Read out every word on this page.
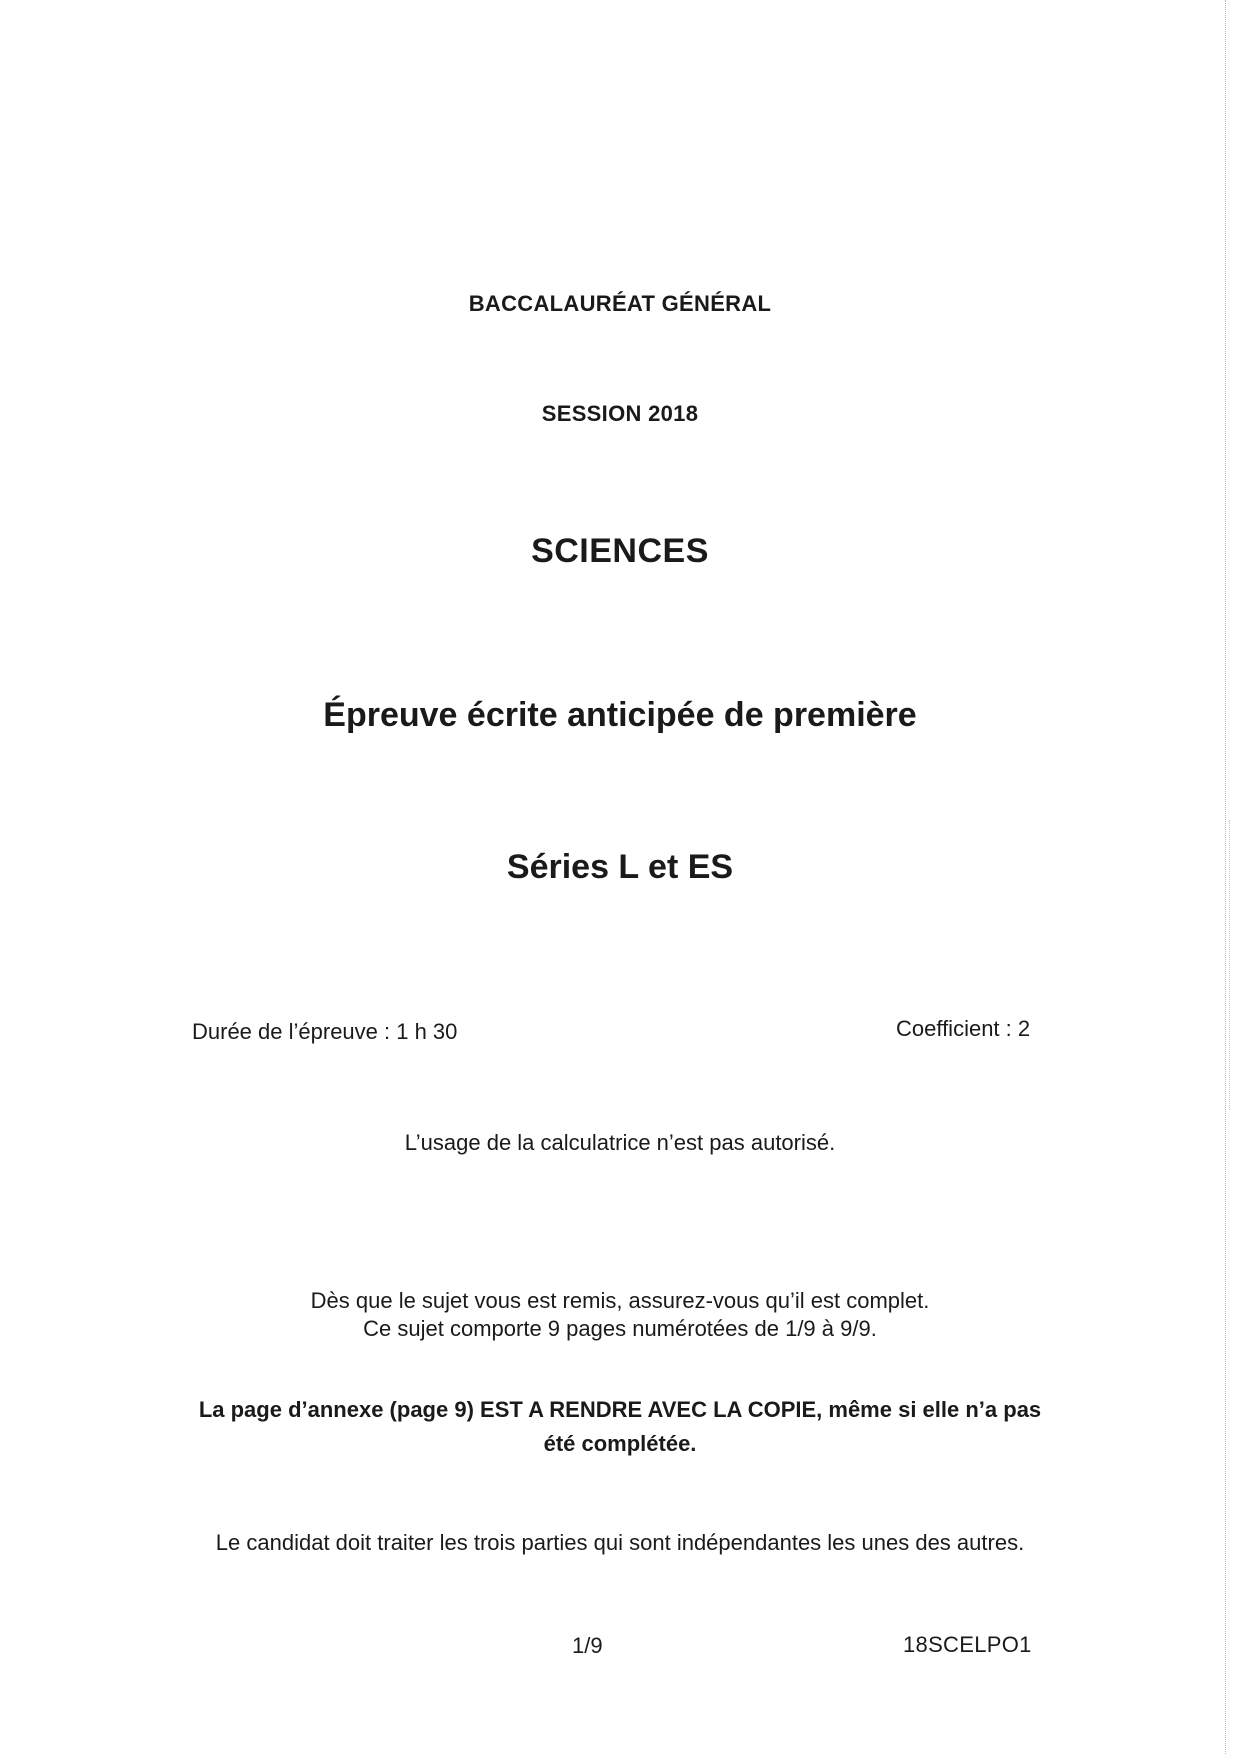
BACCALAURÉAT GÉNÉRAL
SESSION 2018
SCIENCES
Épreuve écrite anticipée de première
Séries L et ES
Durée de l’épreuve : 1 h 30	Coefficient : 2
L’usage de la calculatrice n’est pas autorisé.
Dès que le sujet vous est remis, assurez-vous qu’il est complet.
Ce sujet comporte 9 pages numérotées de 1/9 à 9/9.
La page d’annexe (page 9) EST A RENDRE AVEC LA COPIE, même si elle n’a pas
été complétée.
Le candidat doit traiter les trois parties qui sont indépendantes les unes des autres.
1/9	18SCELPO1
